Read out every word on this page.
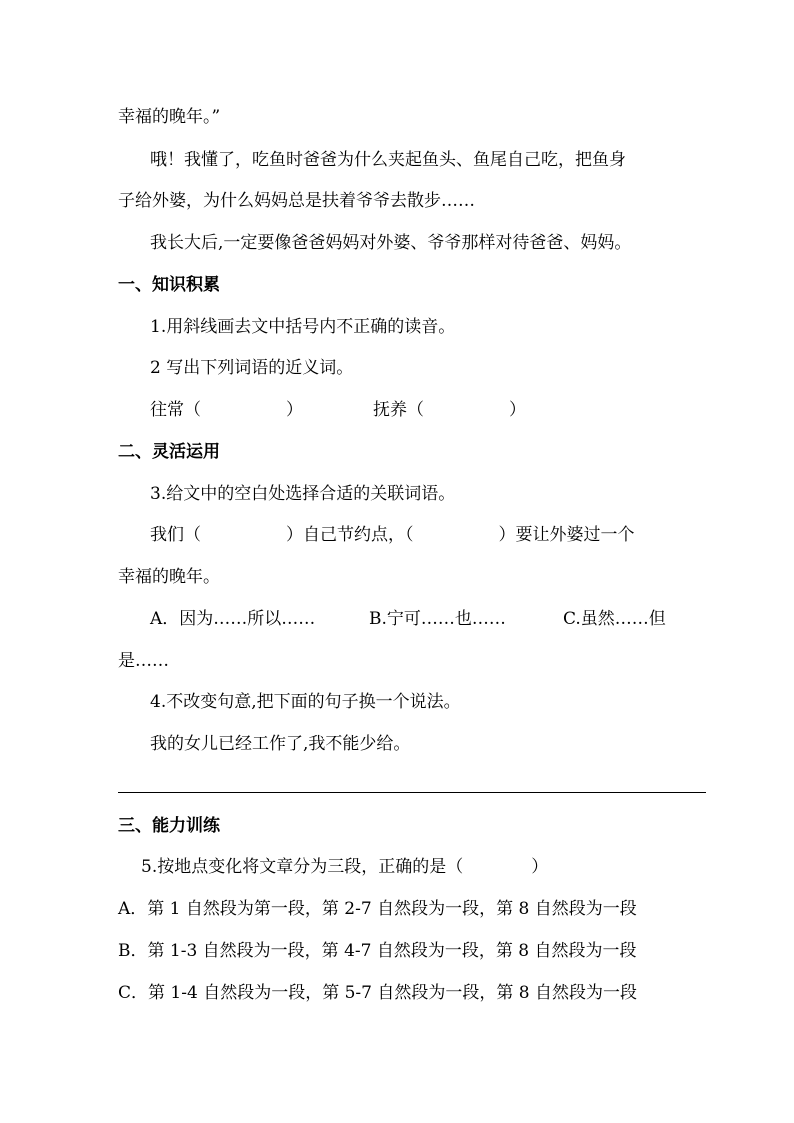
幸福的晚年。”
哦！我懂了，吃鱼时爸爸为什么夹起鱼头、鱼尾自己吃，把鱼身
子给外婆，为什么妈妈总是扶着爷爷去散步……
我长大后,一定要像爸爸妈妈对外婆、爷爷那样对待爸爸、妈妈。
一、知识积累
1.用斜线画去文中括号内不正确的读音。
2 写出下列词语的近义词。
往常（　　　　　）	抚养（　　　　　）
二、灵活运用
3.给文中的空白处选择合适的关联词语。
我们（　　　　　）自己节约点，（　　　　　）要让外婆过一个
幸福的晚年。
A．因为……所以……	B.宁可……也……	C.虽然……但
是……
4.不改变句意,把下面的句子换一个说法。
我的女儿已经工作了,我不能少给。
三、能力训练
5.按地点变化将文章分为三段，正确的是（　　　　）
A．第 1 自然段为第一段，第 2-7 自然段为一段，第 8 自然段为一段
B．第 1-3 自然段为一段，第 4-7 自然段为一段，第 8 自然段为一段
C．第 1-4 自然段为一段，第 5-7 自然段为一段，第 8 自然段为一段
